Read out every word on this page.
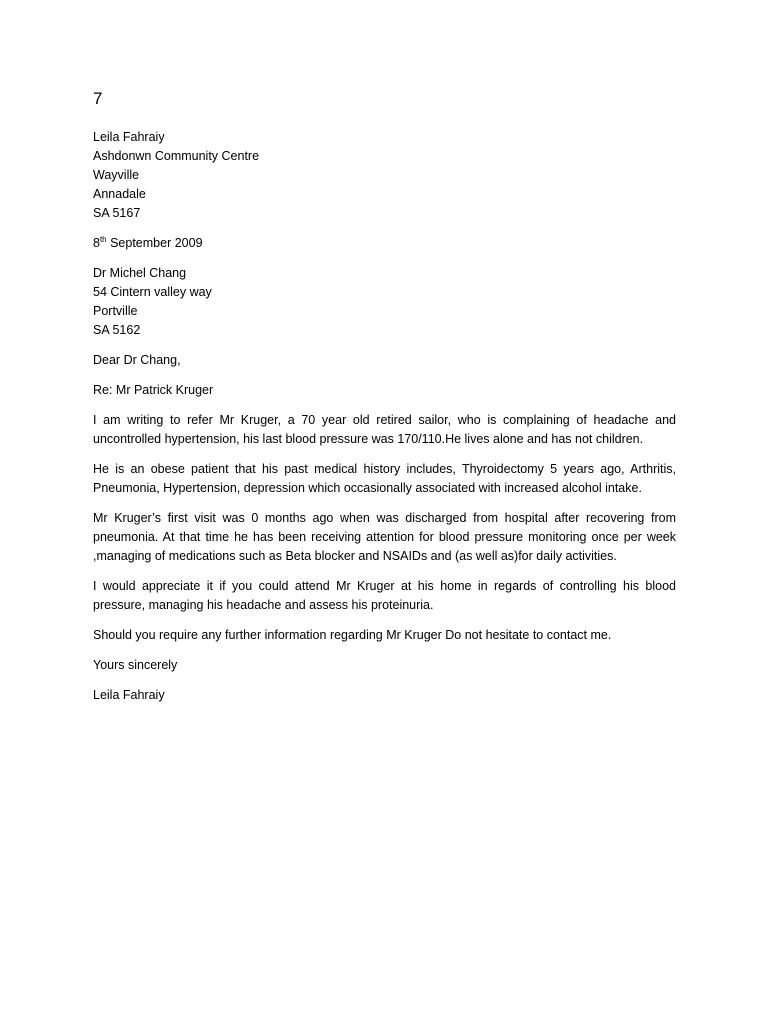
7
Leila Fahraiy
Ashdonwn Community Centre
Wayville
Annadale
SA 5167
8th September 2009
Dr Michel Chang
54 Cintern valley way
Portville
SA 5162
Dear Dr Chang,
Re: Mr Patrick Kruger
I am writing to refer Mr Kruger, a 70 year old retired sailor, who is complaining of headache and uncontrolled hypertension, his last blood pressure was 170/110.He lives alone and has not children.
He is an obese patient that his past medical history includes, Thyroidectomy 5 years ago, Arthritis, Pneumonia, Hypertension, depression which occasionally associated with increased alcohol intake.
Mr Kruger’s first visit was 0 months ago when was discharged from hospital after recovering from pneumonia. At that time he has been receiving attention for blood pressure monitoring once per week ,managing of medications such as Beta blocker and NSAIDs and (as well as)for daily activities.
I would appreciate it if you could attend Mr Kruger at his home in regards of controlling his blood pressure, managing his headache and assess his proteinuria.
Should you require any further information regarding Mr Kruger Do not hesitate to contact me.
Yours sincerely
Leila Fahraiy
